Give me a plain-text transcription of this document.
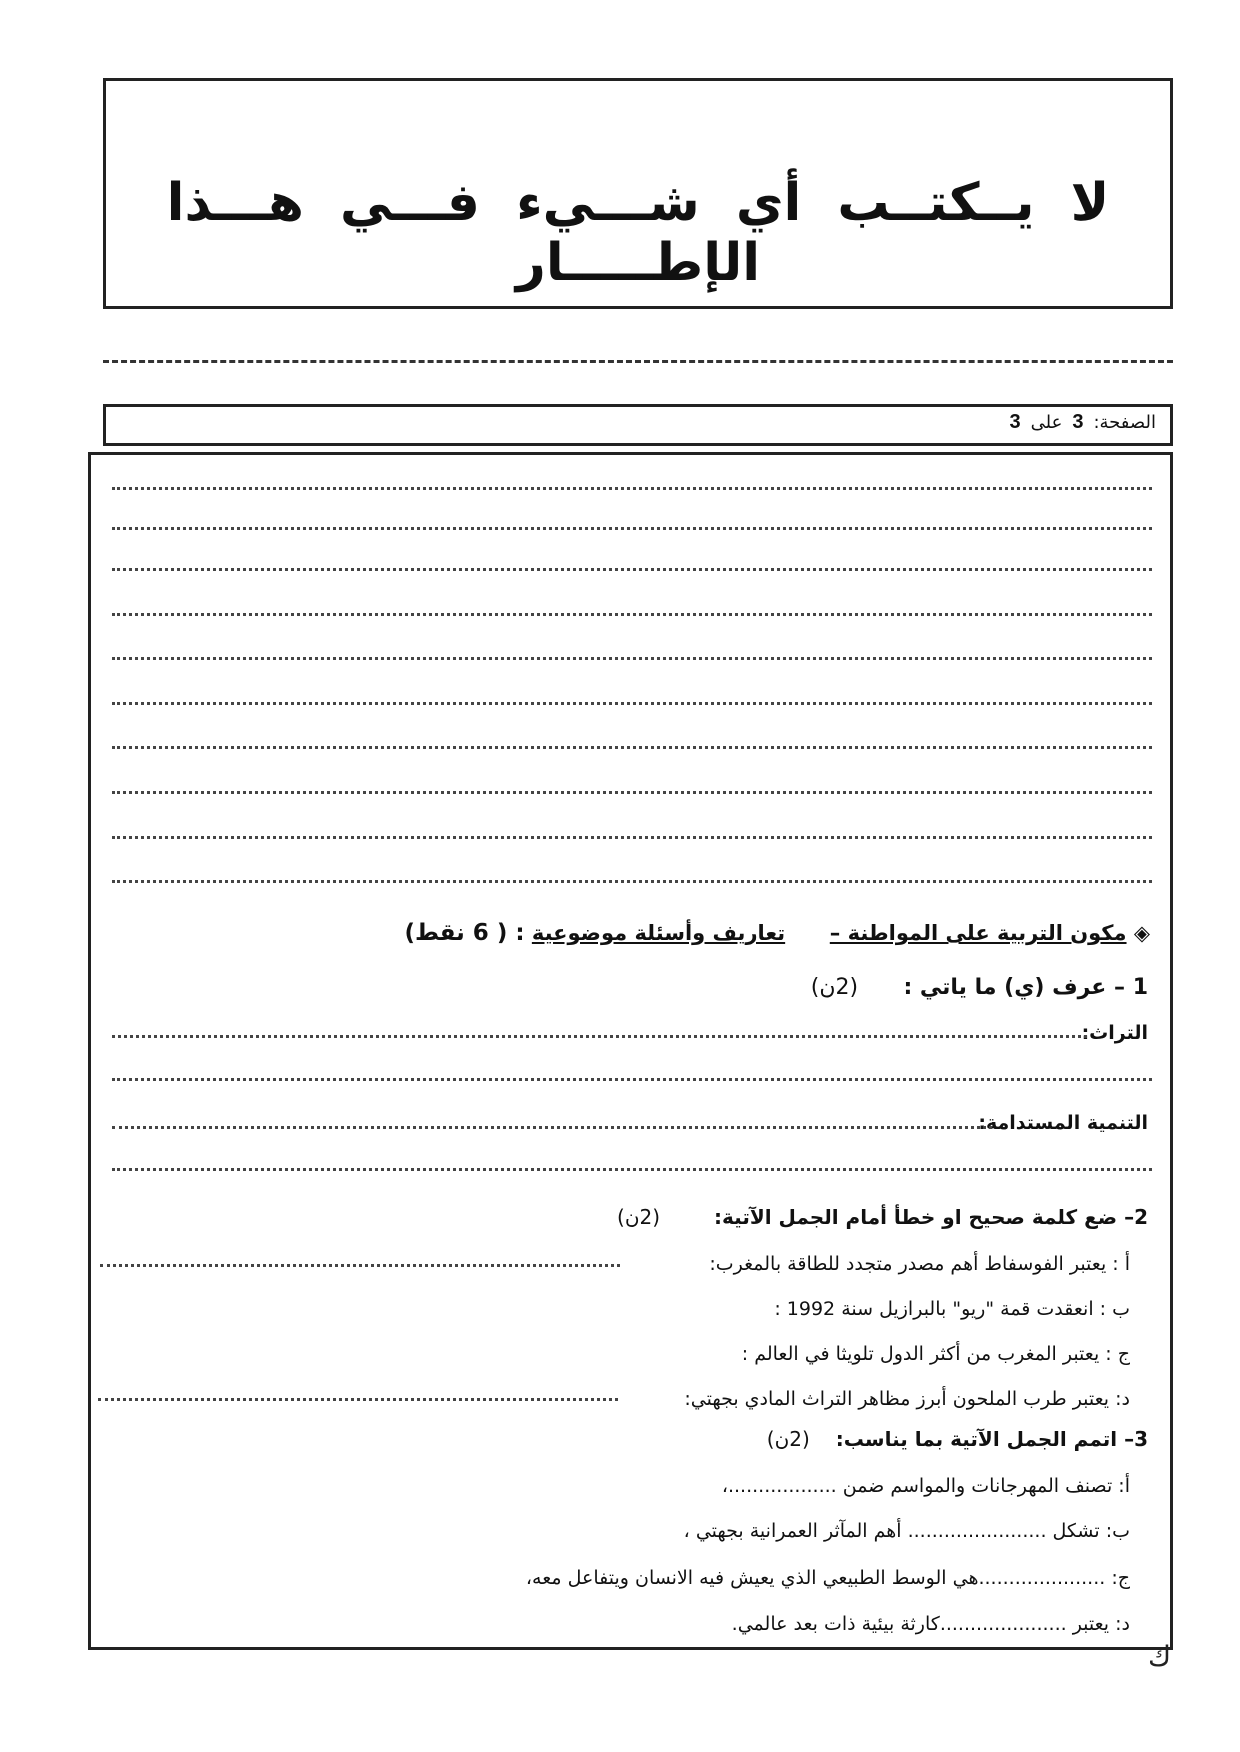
لا يــكتــب أي شـــيء فـــي هـــذا الإطـــــار
الصفحة:
3
على
3
◈ مكون التربية على المواطنة –  تعاريف وأسئلة موضوعية : ( 6 نقط)
1 – عرف (ي) ما ياتي :  (2ن)
التراث:
التنمية المستدامة:
2– ضع كلمة صحيح او خطأ أمام الجمل الآتية:  (2ن)
أ : يعتبر الفوسفاط أهم مصدر متجدد للطاقة بالمغرب:
ب : انعقدت قمة "ريو" بالبرازيل سنة 1992 :
ج : يعتبر المغرب من أكثر الدول تلويثا في العالم :
د: يعتبر طرب الملحون أبرز مظاهر التراث المادي بجهتي:
3– اتمم الجمل الآتية بما يناسب:  (2ن)
أ: تصنف المهرجانات والمواسم ضمن ..................،
ب: تشكل ....................... أهم المآثر العمرانية بجهتي ،
ج: .....................هي الوسط الطبيعي الذي يعيش فيه الانسان ويتفاعل معه،
د: يعتبر .....................كارثة بيئية ذات بعد عالمي.
ك
